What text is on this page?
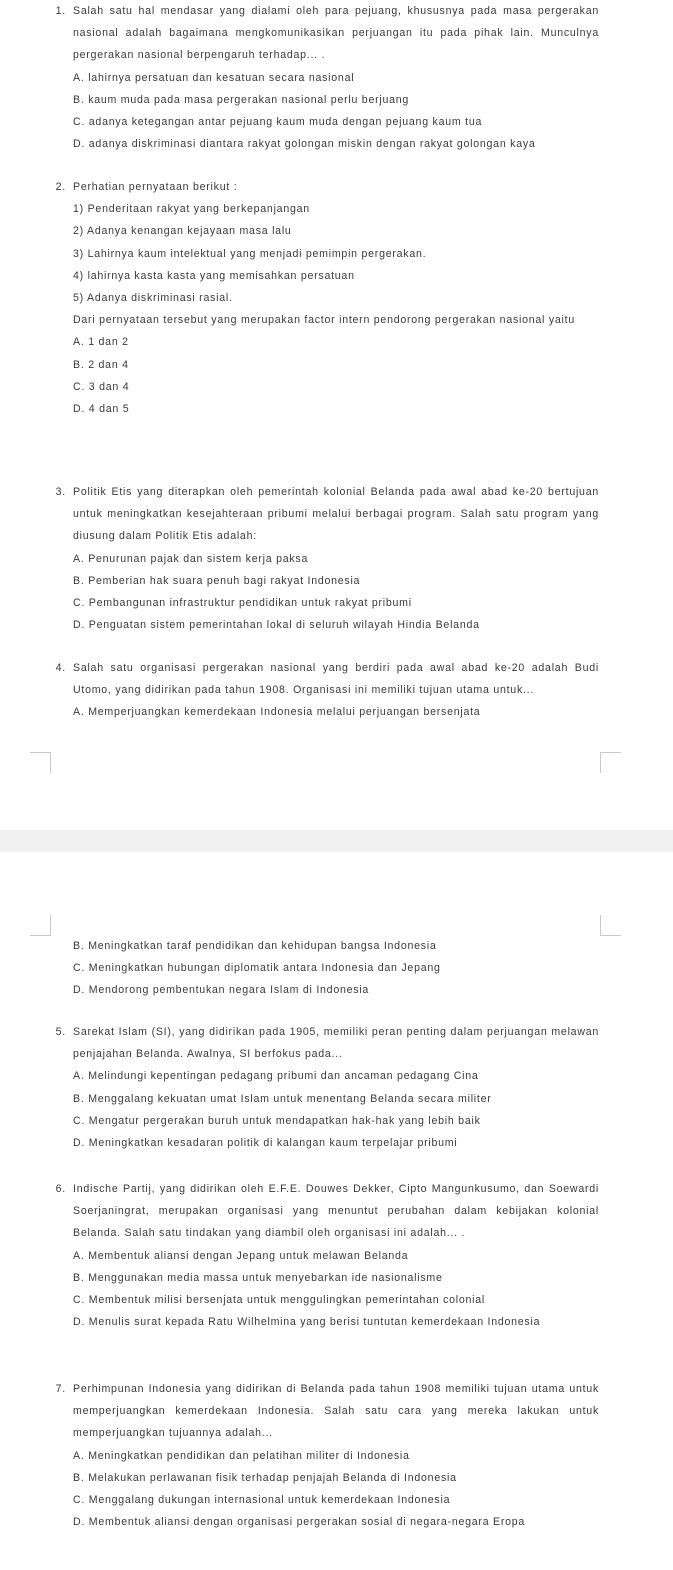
1. Salah satu hal mendasar yang dialami oleh para pejuang, khususnya pada masa pergerakan nasional adalah bagaimana mengkomunikasikan perjuangan itu pada pihak lain. Munculnya pergerakan nasional berpengaruh terhadap... .
A. lahirnya persatuan dan kesatuan secara nasional
B. kaum muda pada masa pergerakan nasional perlu berjuang
C. adanya ketegangan antar pejuang kaum muda dengan pejuang kaum tua
D. adanya diskriminasi diantara rakyat golongan miskin dengan rakyat golongan kaya
2. Perhatian pernyataan berikut :
1) Penderitaan rakyat yang berkepanjangan
2) Adanya kenangan kejayaan masa lalu
3) Lahirnya kaum intelektual yang menjadi pemimpin pergerakan.
4) lahirnya kasta kasta yang memisahkan persatuan
5) Adanya diskriminasi rasial.
Dari pernyataan tersebut yang merupakan factor intern pendorong pergerakan nasional yaitu
A. 1 dan 2
B. 2 dan 4
C. 3 dan 4
D. 4 dan 5
3. Politik Etis yang diterapkan oleh pemerintah kolonial Belanda pada awal abad ke-20 bertujuan untuk meningkatkan kesejahteraan pribumi melalui berbagai program. Salah satu program yang diusung dalam Politik Etis adalah:
A. Penurunan pajak dan sistem kerja paksa
B. Pemberian hak suara penuh bagi rakyat Indonesia
C. Pembangunan infrastruktur pendidikan untuk rakyat pribumi
D. Penguatan sistem pemerintahan lokal di seluruh wilayah Hindia Belanda
4. Salah satu organisasi pergerakan nasional yang berdiri pada awal abad ke-20 adalah Budi Utomo, yang didirikan pada tahun 1908. Organisasi ini memiliki tujuan utama untuk...
A. Memperjuangkan kemerdekaan Indonesia melalui perjuangan bersenjata
B. Meningkatkan taraf pendidikan dan kehidupan bangsa Indonesia
C. Meningkatkan hubungan diplomatik antara Indonesia dan Jepang
D. Mendorong pembentukan negara Islam di Indonesia
5. Sarekat Islam (SI), yang didirikan pada 1905, memiliki peran penting dalam perjuangan melawan penjajahan Belanda. Awalnya, SI berfokus pada...
A. Melindungi kepentingan pedagang pribumi dan ancaman pedagang Cina
B. Menggalang kekuatan umat Islam untuk menentang Belanda secara militer
C. Mengatur pergerakan buruh untuk mendapatkan hak-hak yang lebih baik
D. Meningkatkan kesadaran politik di kalangan kaum terpelajar pribumi
6. Indische Partij, yang didirikan oleh E.F.E. Douwes Dekker, Cipto Mangunkusumo, dan Soewardi Soerjaningrat, merupakan organisasi yang menuntut perubahan dalam kebijakan kolonial Belanda. Salah satu tindakan yang diambil oleh organisasi ini adalah... .
A. Membentuk aliansi dengan Jepang untuk melawan Belanda
B. Menggunakan media massa untuk menyebarkan ide nasionalisme
C. Membentuk milisi bersenjata untuk menggulingkan pemerintahan colonial
D. Menulis surat kepada Ratu Wilhelmina yang berisi tuntutan kemerdekaan Indonesia
7. Perhimpunan Indonesia yang didirikan di Belanda pada tahun 1908 memiliki tujuan utama untuk memperjuangkan kemerdekaan Indonesia. Salah satu cara yang mereka lakukan untuk memperjuangkan tujuannya adalah...
A. Meningkatkan pendidikan dan pelatihan militer di Indonesia
B. Melakukan perlawanan fisik terhadap penjajah Belanda di Indonesia
C. Menggalang dukungan internasional untuk kemerdekaan Indonesia
D. Membentuk aliansi dengan organisasi pergerakan sosial di negara-negara Eropa
